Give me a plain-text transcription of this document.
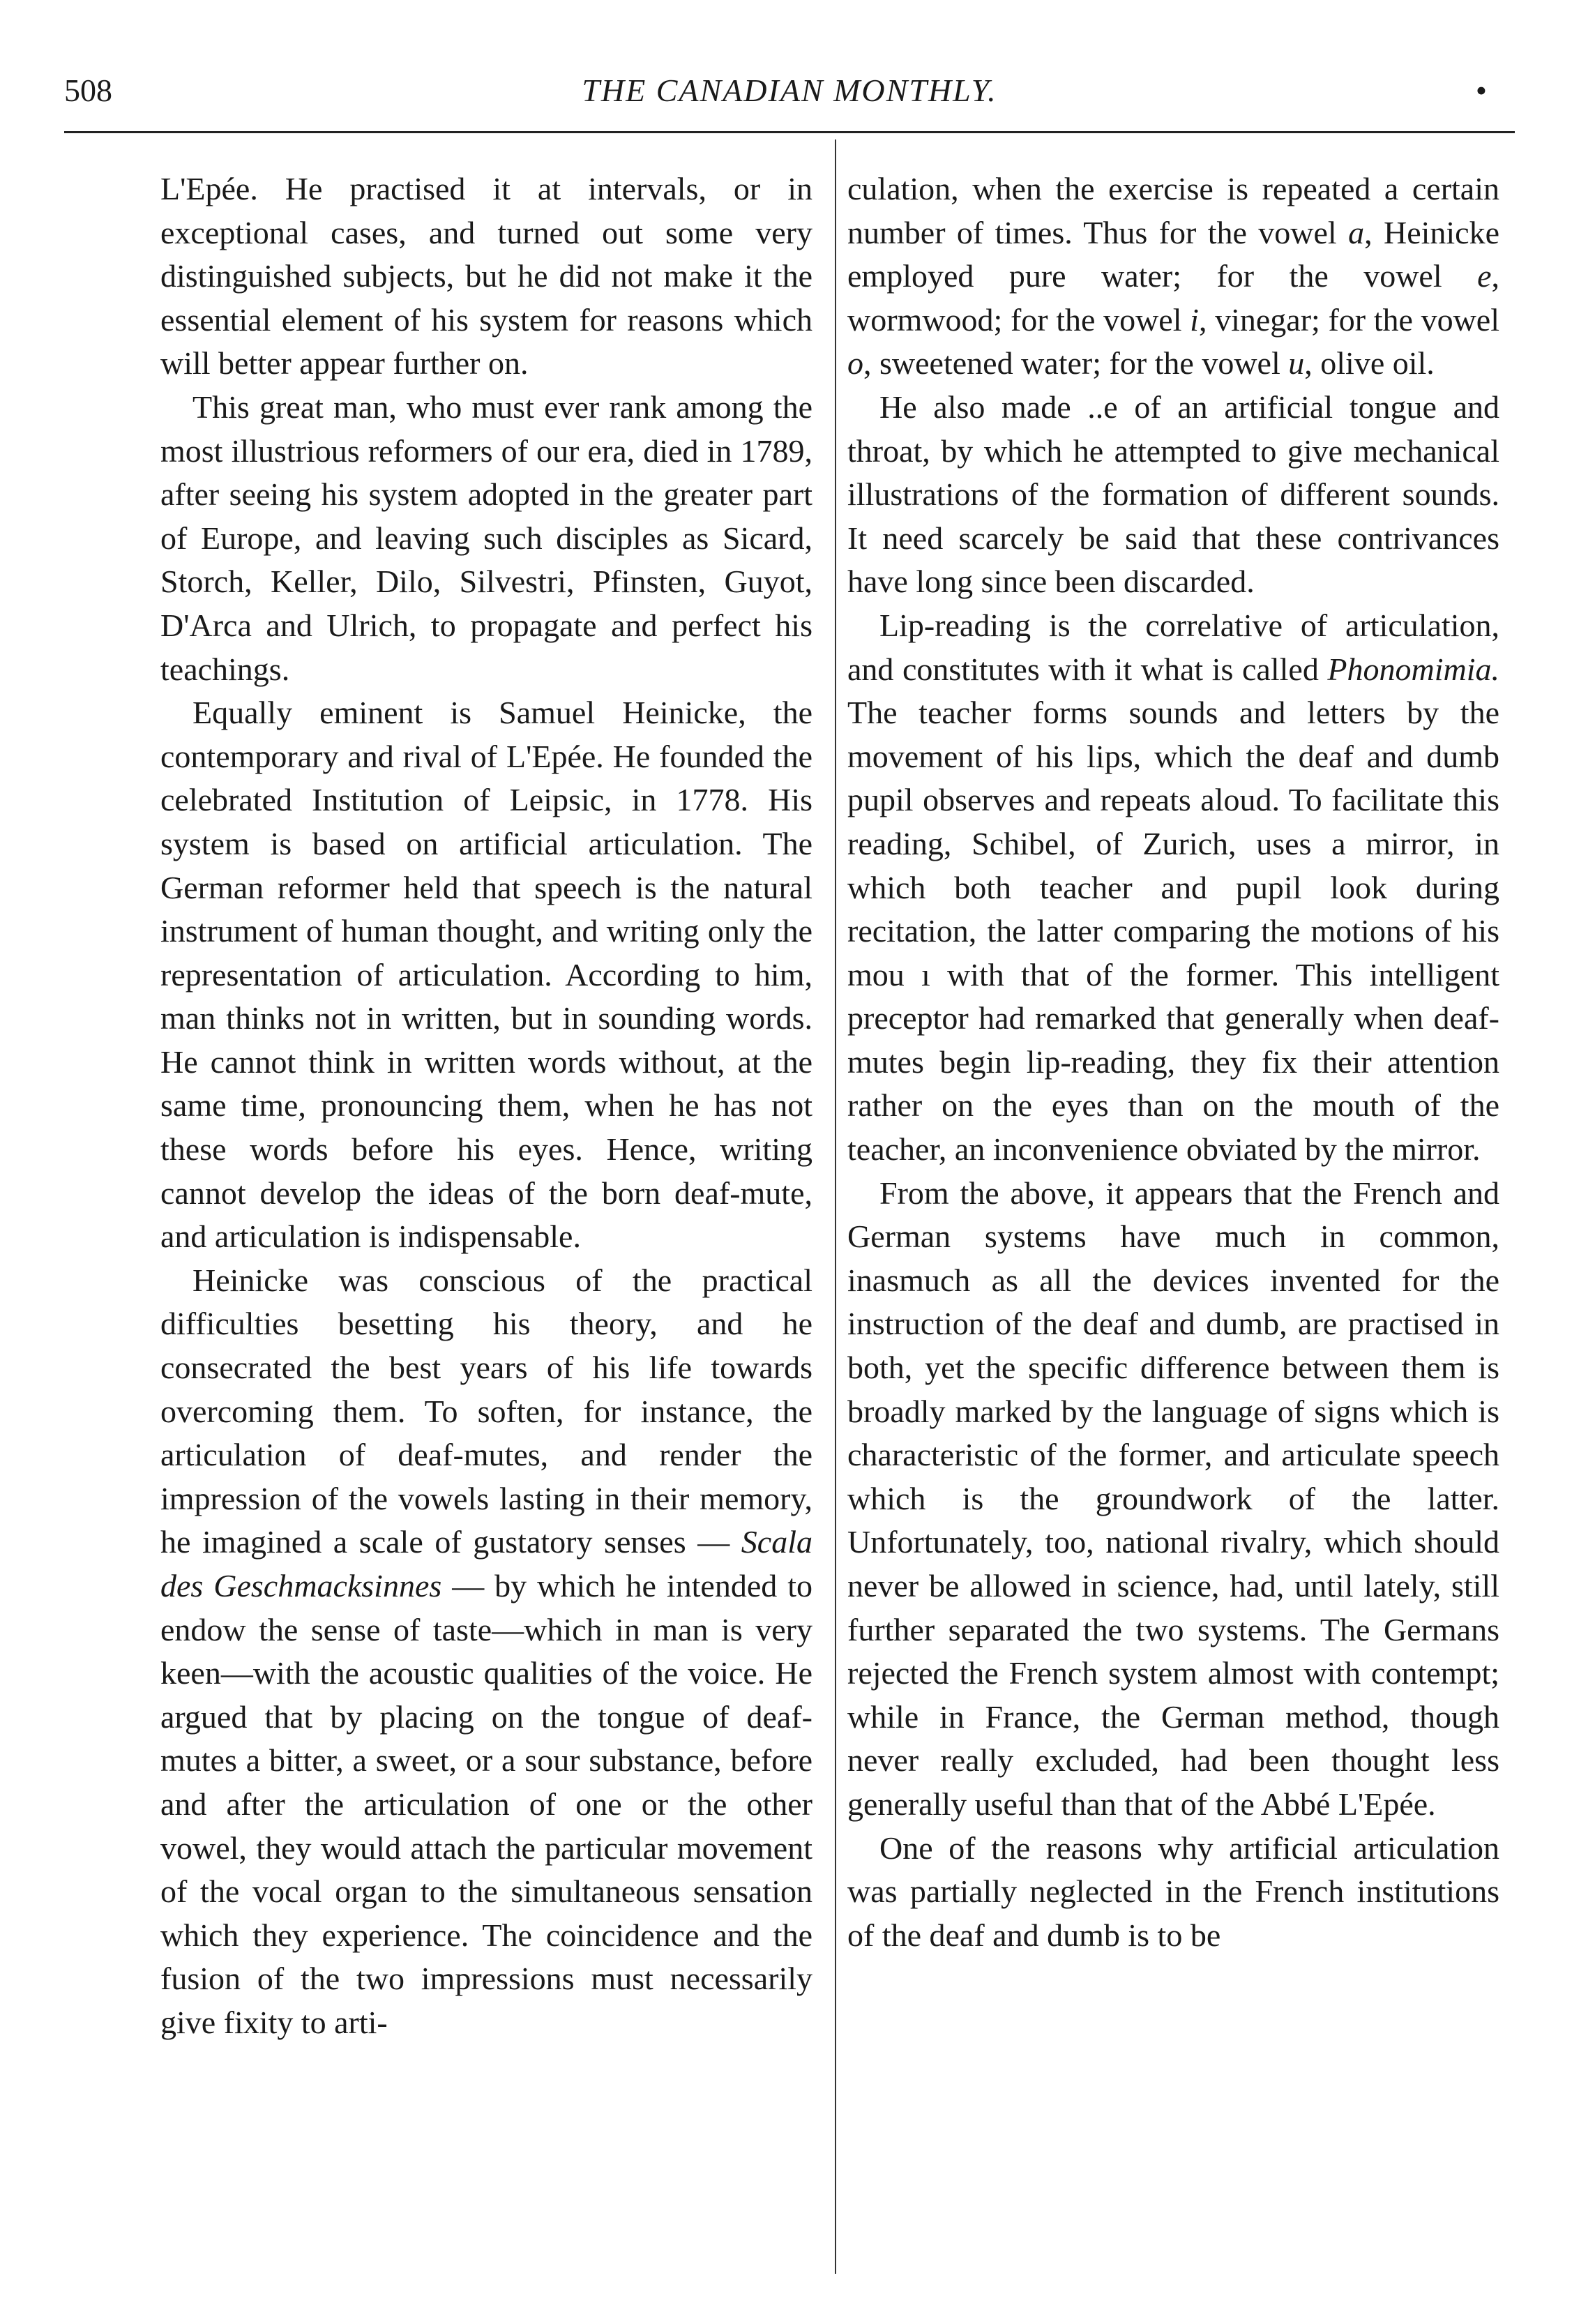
508	THE CANADIAN MONTHLY.	•

L'Epée. He practised it at intervals, or in exceptional cases, and turned out some very distinguished subjects, but he did not make it the essential element of his system for reasons which will better appear further on.

This great man, who must ever rank among the most illustrious reformers of our era, died in 1789, after seeing his system adopted in the greater part of Europe, and leaving such disciples as Sicard, Storch, Keller, Dilo, Silvestri, Pfinsten, Guyot, D'Arca and Ulrich, to propagate and perfect his teachings.

Equally eminent is Samuel Heinicke, the contemporary and rival of L'Epée. He founded the celebrated Institution of Leipsic, in 1778. His system is based on artificial articulation. The German reformer held that speech is the natural instrument of human thought, and writing only the representation of articulation. According to him, man thinks not in written, but in sounding words. He cannot think in written words without, at the same time, pronouncing them, when he has not these words before his eyes. Hence, writing cannot develop the ideas of the born deaf-mute, and articulation is indispensable.

Heinicke was conscious of the practical difficulties besetting his theory, and he consecrated the best years of his life towards overcoming them. To soften, for instance, the articulation of deaf-mutes, and render the impression of the vowels lasting in their memory, he imagined a scale of gustatory senses — Scala des Geschmacksinnes — by which he intended to endow the sense of taste—which in man is very keen—with the acoustic qualities of the voice. He argued that by placing on the tongue of deaf-mutes a bitter, a sweet, or a sour substance, before and after the articulation of one or the other vowel, they would attach the particular movement of the vocal organ to the simultaneous sensation which they experience. The coincidence and the fusion of the two impressions must necessarily give fixity to arti-

culation, when the exercise is repeated a certain number of times. Thus for the vowel a, Heinicke employed pure water; for the vowel e, wormwood; for the vowel i, vinegar; for the vowel o, sweetened water; for the vowel u, olive oil.

He also made ..e of an artificial tongue and throat, by which he attempted to give mechanical illustrations of the formation of different sounds. It need scarcely be said that these contrivances have long since been discarded.

Lip-reading is the correlative of articulation, and constitutes with it what is called Phonomimia. The teacher forms sounds and letters by the movement of his lips, which the deaf and dumb pupil observes and repeats aloud. To facilitate this reading, Schibel, of Zurich, uses a mirror, in which both teacher and pupil look during recitation, the latter comparing the motions of his mou ı with that of the former. This intelligent preceptor had remarked that generally when deaf-mutes begin lip-reading, they fix their attention rather on the eyes than on the mouth of the teacher, an inconvenience obviated by the mirror.

From the above, it appears that the French and German systems have much in common, inasmuch as all the devices invented for the instruction of the deaf and dumb, are practised in both, yet the specific difference between them is broadly marked by the language of signs which is characteristic of the former, and articulate speech which is the groundwork of the latter. Unfortunately, too, national rivalry, which should never be allowed in science, had, until lately, still further separated the two systems. The Germans rejected the French system almost with contempt; while in France, the German method, though never really excluded, had been thought less generally useful than that of the Abbé L'Epée.

One of the reasons why artificial articulation was partially neglected in the French institutions of the deaf and dumb is to be
